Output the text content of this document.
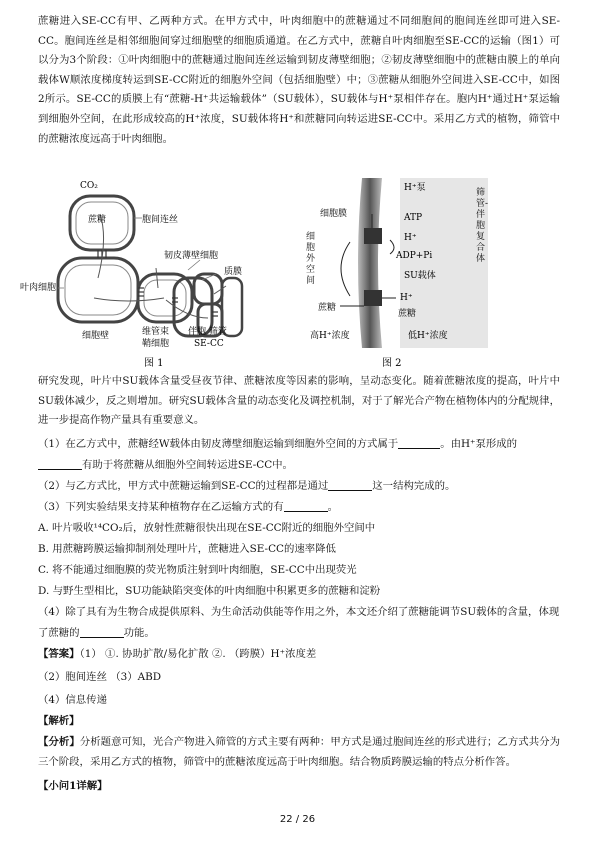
蔗糖进入SE-CC有甲、乙两种方式。在甲方式中，叶肉细胞中的蔗糖通过不同细胞间的胞间连丝即可进入SE-CC。胞间连丝是相邻细胞间穿过细胞壁的细胞质通道。在乙方式中，蔗糖自叶肉细胞至SE-CC的运输（图1）可以分为3个阶段：①叶肉细胞中的蔗糖通过胞间连丝运输到韧皮薄壁细胞；②韧皮薄壁细胞中的蔗糖由膜上的单向载体W顺浓度梯度转运到SE-CC附近的细胞外空间（包括细胞壁）中；③蔗糖从细胞外空间进入SE-CC中，如图2所示。SE-CC的质膜上有“蔗糖-H⁺共运输载体”（SU载体），SU载体与H⁺泵相伴存在。胞内H⁺通过H⁺泵运输到细胞外空间，在此形成较高的H⁺浓度，SU载体将H⁺和蔗糖同向转运进SE-CC中。采用乙方式的植物，筛管中的蔗糖浓度远高于叶肉细胞。

CO₂
蔗糖	胞间连丝
韧皮薄壁细胞
质膜
叶肉细胞
细胞壁	维管束
鞘细胞
伴胞 筛管
SE-CC
图 1
细胞膜
H⁺泵
ATP
H⁺
ADP+Pi
SU载体
H⁺
蔗糖
蔗糖
高H⁺浓度	低H⁺浓度
图 2
细胞外空间
筛管-伴胞复合体

研究发现，叶片中SU载体含量受昼夜节律、蔗糖浓度等因素的影响，呈动态变化。随着蔗糖浓度的提高，叶片中SU载体减少，反之则增加。研究SU载体含量的动态变化及调控机制，对于了解光合产物在植物体内的分配规律，进一步提高作物产量具有重要意义。

（1）在乙方式中，蔗糖经W载体由韧皮薄壁细胞运输到细胞外空间的方式属于	。由H⁺泵形成的
有助于将蔗糖从细胞外空间转运进SE-CC中。
（2）与乙方式比，甲方式中蔗糖运输到SE-CC的过程都是通过	这一结构完成的。
（3）下列实验结果支持某种植物存在乙运输方式的有	。
A. 叶片吸收¹⁴CO₂后，放射性蔗糖很快出现在SE-CC附近的细胞外空间中
B. 用蔗糖跨膜运输抑制剂处理叶片，蔗糖进入SE-CC的速率降低
C. 将不能通过细胞膜的荧光物质注射到叶肉细胞，SE-CC中出现荧光
D. 与野生型相比，SU功能缺陷突变体的叶肉细胞中积累更多的蔗糖和淀粉
（4）除了具有为生物合成提供原料、为生命活动供能等作用之外，本文还介绍了蔗糖能调节SU载体的含量，体现
了蔗糖的	功能。
【答案】（1） ①. 协助扩散/易化扩散 ②. （跨膜）H⁺浓度差
（2）胞间连丝 （3）ABD
（4）信息传递
【解析】

【分析】分析题意可知，光合产物进入筛管的方式主要有两种：甲方式是通过胞间连丝的形式进行；乙方式共分为三个阶段，采用乙方式的植物，筛管中的蔗糖浓度远高于叶肉细胞。结合物质跨膜运输的特点分析作答。

【小问1详解】
22 / 26
